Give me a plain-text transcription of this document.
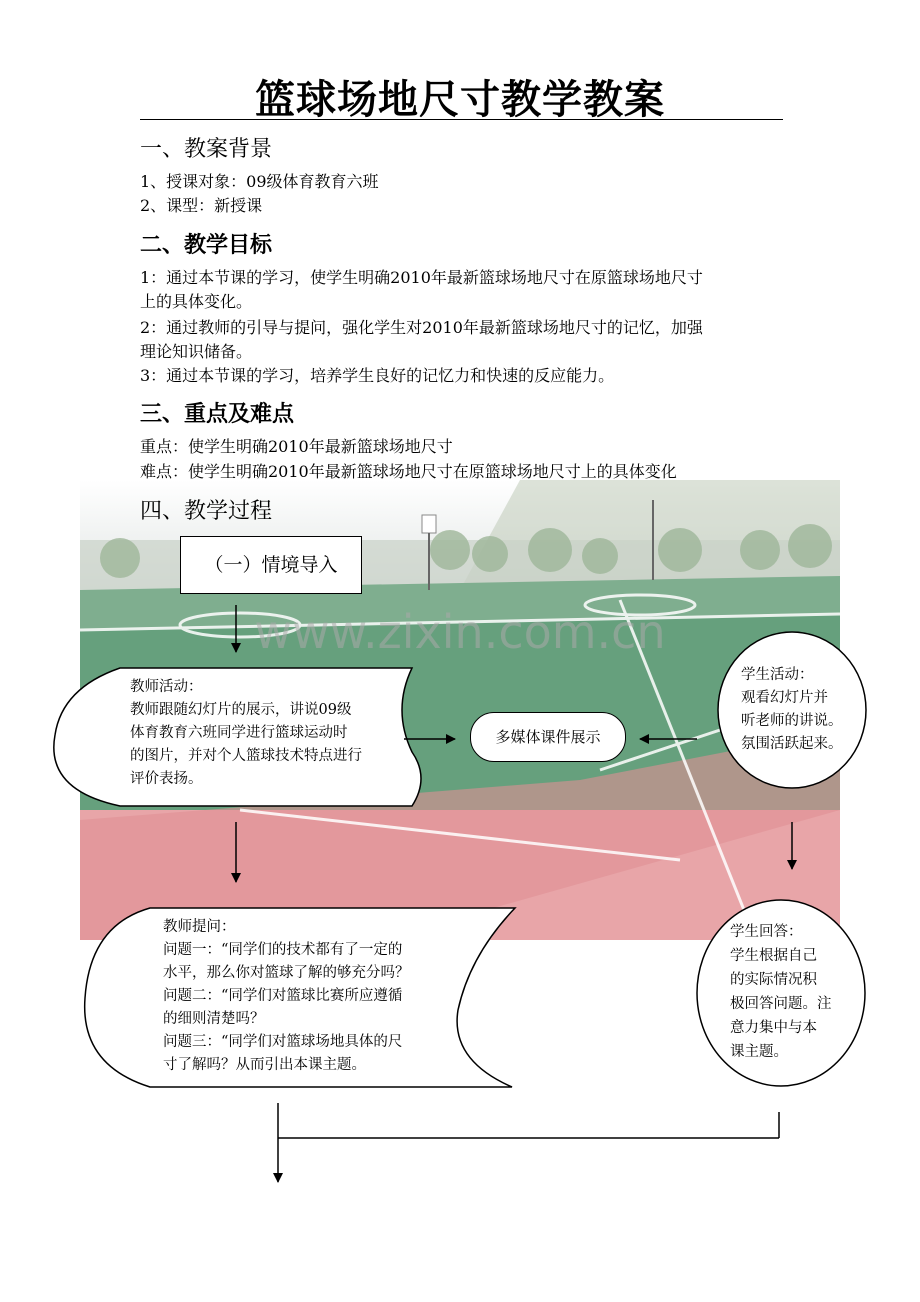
www.zixin.com.cn
篮球场地尺寸教学教案
一、教案背景
1、授课对象：09级体育教育六班
2、课型：新授课
二、教学目标
1：通过本节课的学习，使学生明确2010年最新篮球场地尺寸在原篮球场地尺寸
上的具体变化。
2：通过教师的引导与提问，强化学生对2010年最新篮球场地尺寸的记忆，加强
理论知识储备。
3：通过本节课的学习，培养学生良好的记忆力和快速的反应能力。
三、重点及难点
重点：使学生明确2010年最新篮球场地尺寸
难点：使学生明确2010年最新篮球场地尺寸在原篮球场地尺寸上的具体变化
四、教学过程
（一）情境导入
教师活动：
教师跟随幻灯片的展示，讲说09级
体育教育六班同学进行篮球运动时
的图片，并对个人篮球技术特点进行
评价表扬。
多媒体课件展示
学生活动：
观看幻灯片并
听老师的讲说。
氛围活跃起来。
教师提问：
问题一：“同学们的技术都有了一定的
水平，那么你对篮球了解的够充分吗？
问题二：“同学们对篮球比赛所应遵循
的细则清楚吗？
问题三：“同学们对篮球场地具体的尺
寸了解吗？从而引出本课主题。
学生回答：
学生根据自己
的实际情况积
极回答问题。注
意力集中与本
课主题。
